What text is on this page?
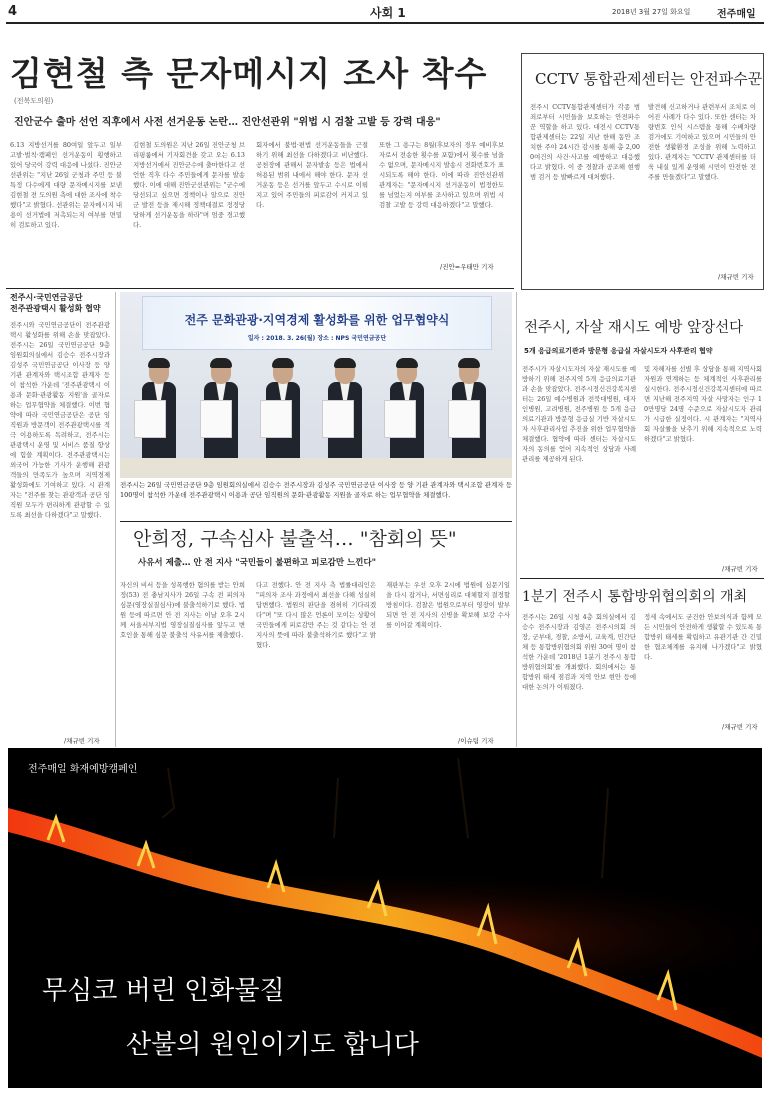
4	사회 1	2018년 3월 27일 화요일	전주매일
김현철 측 문자메시지 조사 착수
(전북도의원)
진안군수 출마 선언 직후에서 사전 선거운동 논란… 진안선관위 "위법 시 검찰 고발 등 강력 대응"
6.13 지방선거를 80여일 앞두고 일부 고발·벌칙·캠페인 선거운동이 횡행하고 있어 당국이 강력 대응에 나섰다. 진안군선관위는 "지난 26일 군청과 주민 등 불특정 다수에게 대량 문자메시지를 보낸 김현철 전 도의원 측에 대한 조사에 착수했다"고 밝혔다. 선관위는 문자메시지 내용이 선거법에 저촉되는지 여부를 면밀히 검토하고 있다.
김현철 도의원은 지난 26일 진안군청 브리핑룸에서 기자회견을 갖고 오는 6.13 지방선거에서 진안군수에 출마한다고 선언한 직후 다수 주민들에게 문자를 발송했다. 이에 대해 진안군선관위는 "군수에 당선되고 싶으면 정책이나 알으로 진안군 발전 등을 제시해 정책대결로 정정당당하게 선거운동을 하라"며 엄중 경고했다.
회자에서 불법·편법 선거운동들을 근절하기 위해 최선을 다하겠다고 비난했다. 공천장에 관해서 문자발송 등은 법에서 허용된 범위 내에서 해야 한다. 문자 선거운동 등은 선거를 앞두고 수시로 이뤄지고 있어 주민들의 피로감이 커지고 있다.
또한 그 용구는 8월(후보자의 경우 예비후보자로서 전송한 횟수를 포함)에서 횟수를 넘을 수 없으며, 문자메시지 발송시 전화번호가 표시되도록 해야 한다. 이에 따라 진안선관위 관계자는 "문자메시지 선거운동이 법정한도를 넘었는지 여부를 조사하고 있으며 위법 시 검찰 고발 등 강력 대응하겠다"고 말했다.
/진안=우태만 기자
CCTV 통합관제센터는 안전파수꾼
전주시 CCTV통합관제센터가 각종 범죄로부터 시민들을 보호하는 안전파수꾼 역할을 하고 있다. 대전시 CCTV통합관제센터는 22일 지난 한해 동안 조치한 주야 24시간 감시를 통해 총 2,000여건의 사건·사고를 예방하고 대응했다고 밝혔다. 이 중 경찰과 공조해 현행범 검거 등 발빠르게 대처했다.
발견해 신고하거나 관련부서 조치로 이어진 사례가 다수 있다. 또한 센터는 차량번호 인식 시스템을 통해 수배차량 검거에도 기여하고 있으며 시민들의 안전한 생활환경 조성을 위해 노력하고 있다. 관계자는 "CCTV 관제센터를 더욱 내실 있게 운영해 시민이 안전한 전주를 만들겠다"고 말했다.
/채규빈 기자
전주시·국민연금공단
전주관광택시 활성화 협약
전주시와 국민연금공단이 전주관광택시 활성화를 위해 손을 맞잡았다. 전주시는 26일 국민연금공단 9층 임원회의실에서 김승수 전주시장과 김성주 국민연금공단 이사장 등 양 기관 관계자와 택시조합 관계자 등이 참석한 가운데 '전주관광택시 이용과 문화·관광활동 지원'을 골자로 하는 업무협약을 체결했다. 이번 협약에 따라 국민연금공단은 공단 임직원과 방문객이 전주관광택시를 적극 이용하도록 독려하고, 전주시는 관광택시 운영 및 서비스 품질 향상에 힘쓸 계획이다. 전주관광택시는 외국어 가능한 기사가 운행해 관광객들의 만족도가 높으며 지역경제 활성화에도 기여하고 있다. 시 관계자는 "전주를 찾는 관광객과 공단 임직원 모두가 편리하게 관광할 수 있도록 최선을 다하겠다"고 말했다.
/채규빈 기자
전주 문화관광·지역경제 활성화를 위한 업무협약식
일자 : 2018. 3. 26(월) 장소 : NPS 국민연금공단
전주시는 26일 국민연금공단 9층 임원회의실에서 김승수 전주시장과 김성주 국민연금공단 이사장 등 양 기관 관계자와 택시조합 관계자 등 100명이 참석한 가운데 전주관광택시 이용과 공단 임직원의 문화·관광활동 지원을 골자로 하는 업무협약을 체결했다.
안희정, 구속심사 불출석… "참회의 뜻"
사유서 제출… 안 전 지사 "국민들이 불편하고 피로감만 느낀다"
자신의 비서 등을 성폭행한 혐의를 받는 안희정(53) 전 충남지사가 26일 구속 전 피의자 심문(영장실질심사)에 불출석하기로 했다. 법원 등에 따르면 안 전 지사는 이날 오후 2시께 서울서부지법 영장실질심사를 앞두고 변호인을 통해 심문 불출석 사유서를 제출했다.
다고 전했다. 안 전 지사 측 법률대리인은 "피의자 조사 과정에서 최선을 다해 성실히 답변했다. 법원의 판단을 겸허히 기다리겠다"며 "또 다시 많은 언론이 모이는 상황이 국민들에게 피로감만 주는 것 같다는 안 전 지사의 뜻에 따라 불출석하기로 했다"고 밝혔다.
재판부는 우선 오후 2시에 법원에 심문기일을 다시 잡거나, 서면심리로 대체할지 결정할 방침이다. 검찰은 법원으로부터 영장이 발부되면 안 전 지사의 신병을 확보해 보강 수사를 이어갈 계획이다.
/이슈팀 기자
전주시, 자살 재시도 예방 앞장선다
5개 응급의료기관과 방문형 응급실 자살시도자 사후관리 협약
전주시가 자살시도자의 자살 재시도를 예방하기 위해 전주지역 5개 응급의료기관과 손을 맞잡았다. 전주시정신건강복지센터는 26일 예수병원과 전북대병원, 대자인병원, 고려병원, 전주병원 등 5개 응급의료기관과 방문형 응급실 기반 자살시도자 사후관리사업 추진을 위한 업무협약을 체결했다. 협약에 따라 센터는 자살시도자의 동의를 얻어 지속적인 상담과 사례관리를 제공하게 된다.
및 자해자를 선별 후 상담을 통해 지역사회 자원과 연계하는 등 체계적인 사후관리를 실시한다. 전주시정신건강복지센터에 따르면 지난해 전주지역 자살 사망자는 인구 10만명당 24명 수준으로 자살시도자 관리가 시급한 실정이다. 시 관계자는 "지역사회 자살률을 낮추기 위해 지속적으로 노력하겠다"고 밝혔다.
/채규빈 기자
1분기 전주시 통합방위협의회의 개최
전주시는 26일 시청 4층 회의실에서 김승수 전주시장과 김영곤 전주시의회 의장, 군부대, 경찰, 소방서, 교육계, 민간단체 등 통합방위협의회 위원 30여 명이 참석한 가운데 '2018년 1분기 전주시 통합방위협의회'를 개최했다. 회의에서는 통합방위 태세 점검과 지역 안보 현안 등에 대한 논의가 이뤄졌다.
정세 속에서도 굳건한 안보의식과 함께 모든 시민들이 안전하게 생활할 수 있도록 통합방위 태세를 확립하고 유관기관 간 긴밀한 협조체계를 유지해 나가겠다"고 밝혔다.
/채규빈 기자
전주매일 화재예방캠페인
무심코 버린 인화물질
산불의 원인이기도 합니다
